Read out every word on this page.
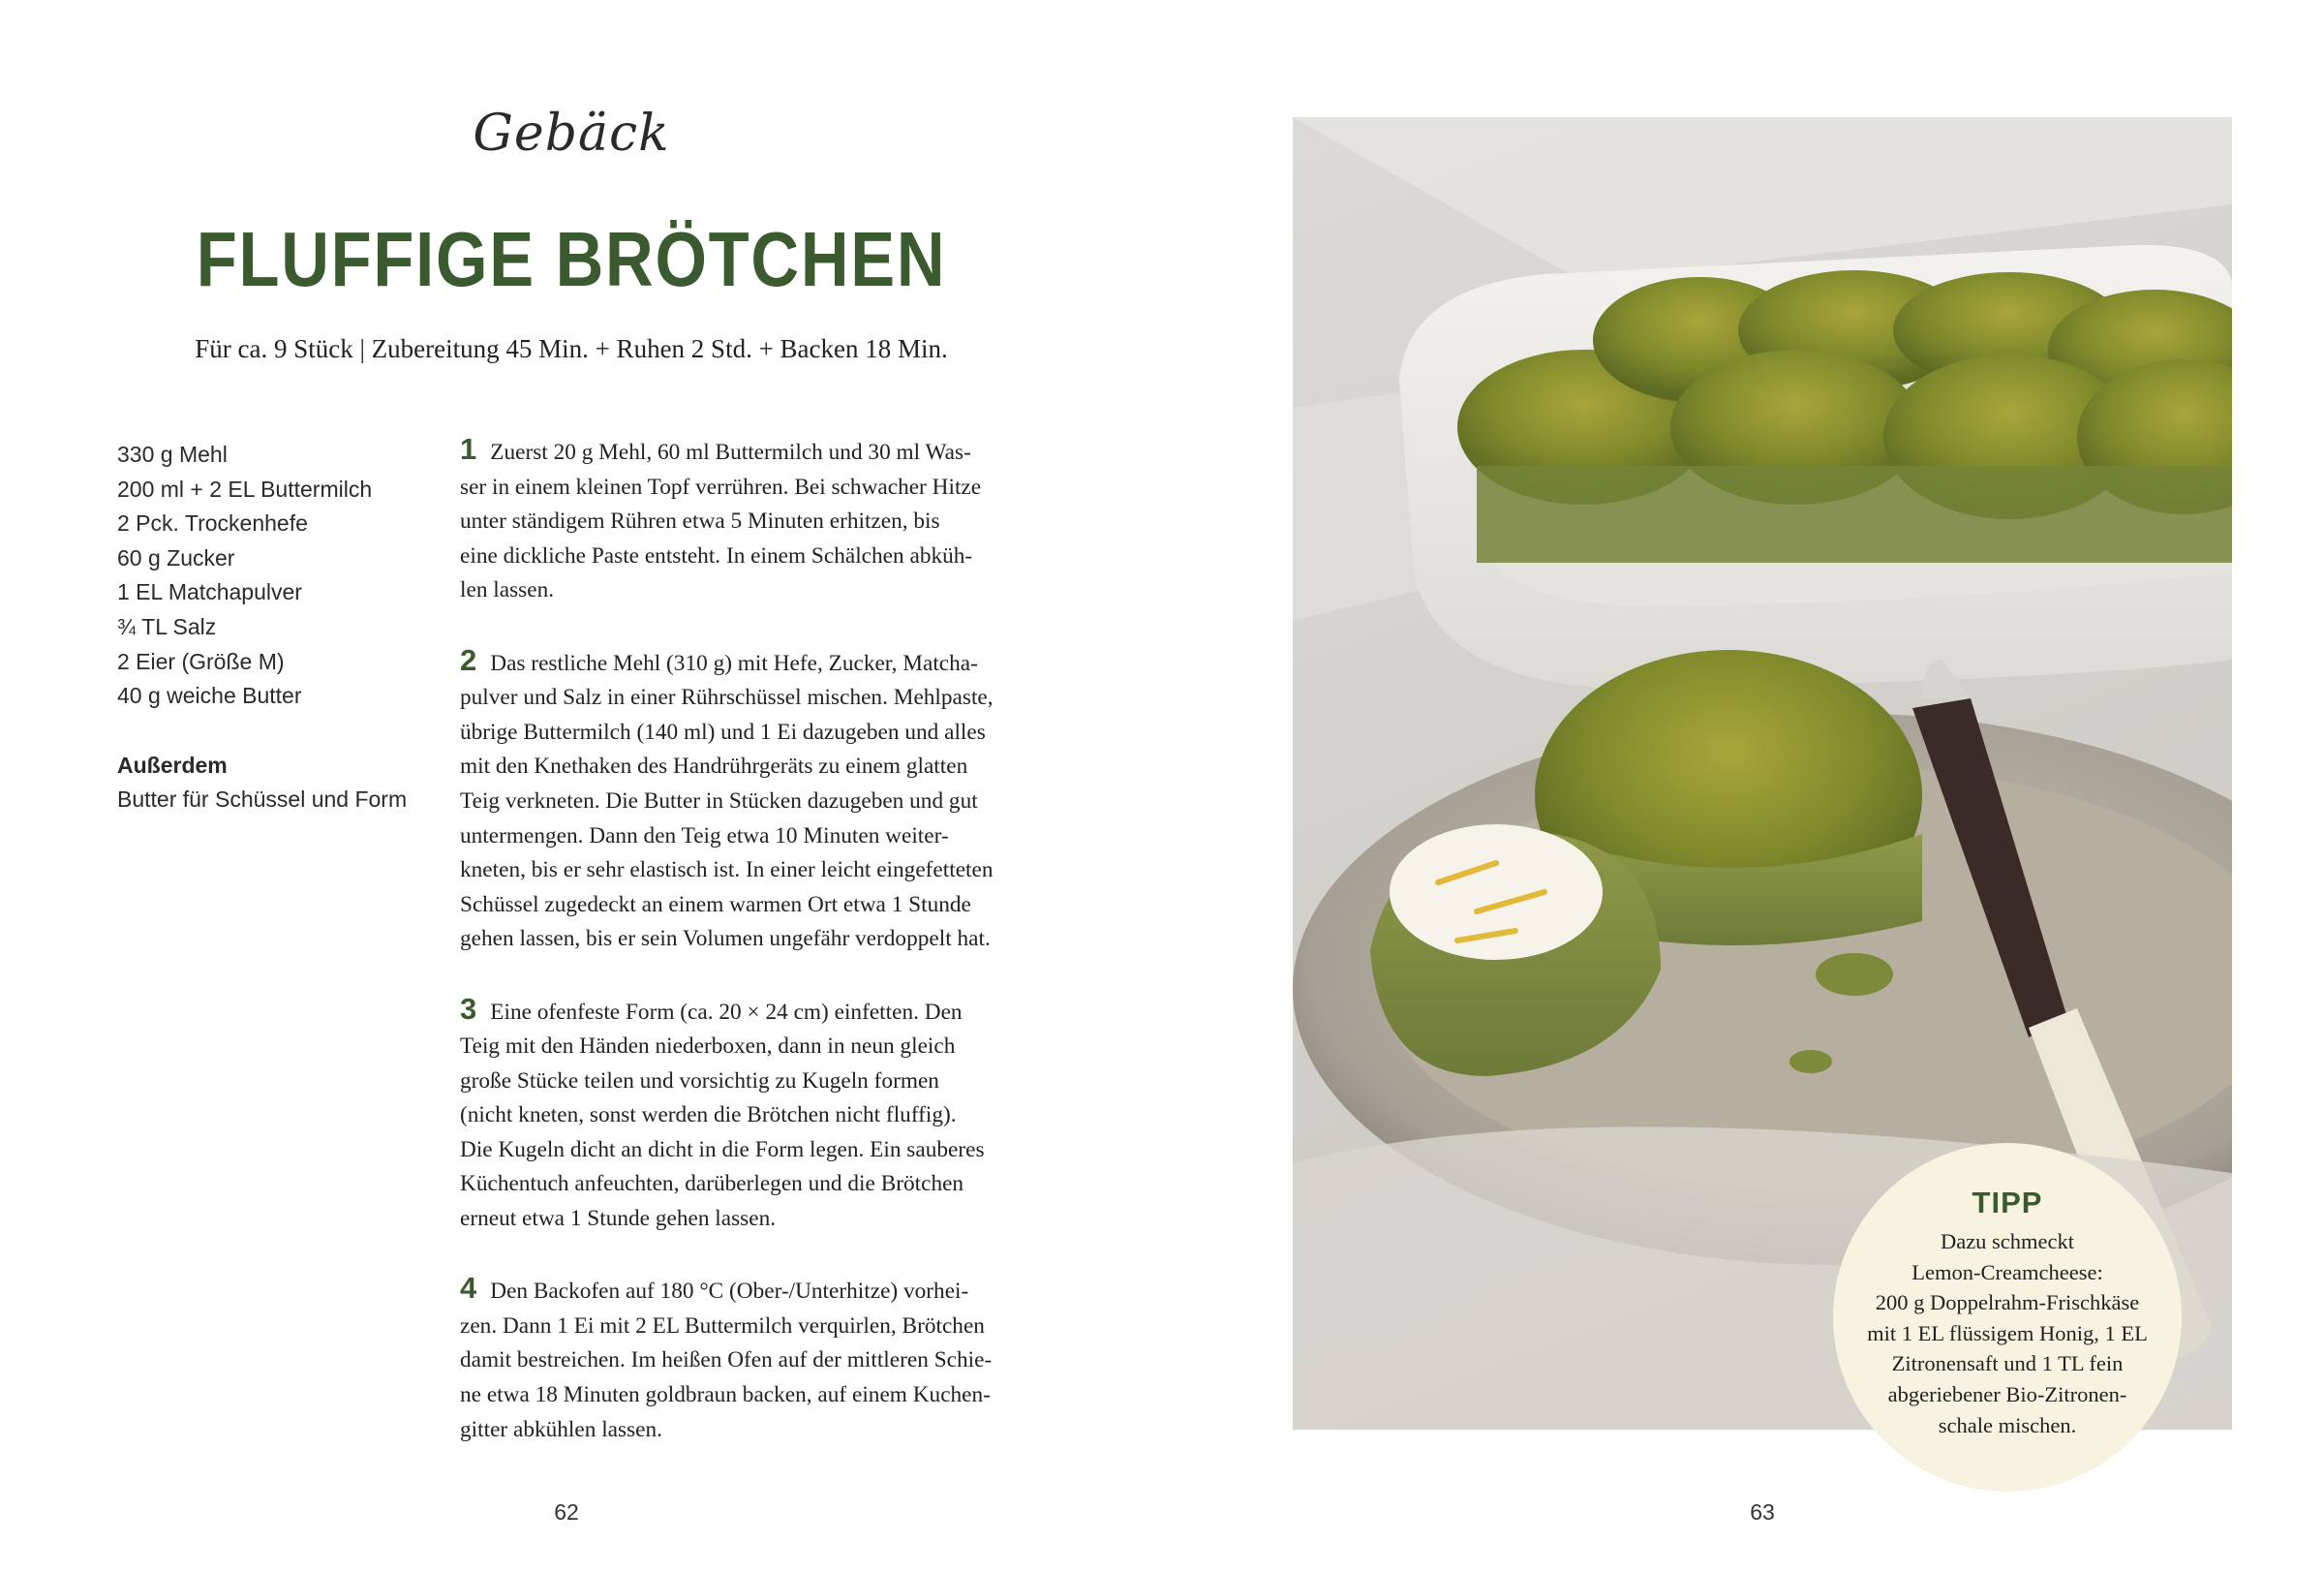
Gebäck
FLUFFIGE BRÖTCHEN
Für ca. 9 Stück | Zubereitung 45 Min. + Ruhen 2 Std. + Backen 18 Min.
330 g Mehl
200 ml + 2 EL Buttermilch
2 Pck. Trockenhefe
60 g Zucker
1 EL Matchapulver
¾ TL Salz
2 Eier (Größe M)
40 g weiche Butter
Außerdem
Butter für Schüssel und Form
1 Zuerst 20 g Mehl, 60 ml Buttermilch und 30 ml Was-
ser in einem kleinen Topf verrühren. Bei schwacher Hitze
unter ständigem Rühren etwa 5 Minuten erhitzen, bis
eine dickliche Paste entsteht. In einem Schälchen abküh-
len lassen.
2 Das restliche Mehl (310 g) mit Hefe, Zucker, Matcha-
pulver und Salz in einer Rührschüssel mischen. Mehlpaste,
übrige Buttermilch (140 ml) und 1 Ei dazugeben und alles
mit den Knethaken des Handrührgeräts zu einem glatten
Teig verkneten. Die Butter in Stücken dazugeben und gut
untermengen. Dann den Teig etwa 10 Minuten weiter-
kneten, bis er sehr elastisch ist. In einer leicht eingefetteten
Schüssel zugedeckt an einem warmen Ort etwa 1 Stunde
gehen lassen, bis er sein Volumen ungefähr verdoppelt hat.
3 Eine ofenfeste Form (ca. 20 × 24 cm) einfetten. Den
Teig mit den Händen niederboxen, dann in neun gleich
große Stücke teilen und vorsichtig zu Kugeln formen
(nicht kneten, sonst werden die Brötchen nicht fluffig).
Die Kugeln dicht an dicht in die Form legen. Ein sauberes
Küchentuch anfeuchten, darüberlegen und die Brötchen
erneut etwa 1 Stunde gehen lassen.
4 Den Backofen auf 180 °C (Ober-/Unterhitze) vorhei-
zen. Dann 1 Ei mit 2 EL Buttermilch verquirlen, Brötchen
damit bestreichen. Im heißen Ofen auf der mittleren Schie-
ne etwa 18 Minuten goldbraun backen, auf einem Kuchen-
gitter abkühlen lassen.
62
TIPP
Dazu schmeckt
Lemon-Creamcheese:
200 g Doppelrahm-Frischkäse
mit 1 EL flüssigem Honig, 1 EL
Zitronensaft und 1 TL fein
abgeriebener Bio-Zitronen-
schale mischen.
63
